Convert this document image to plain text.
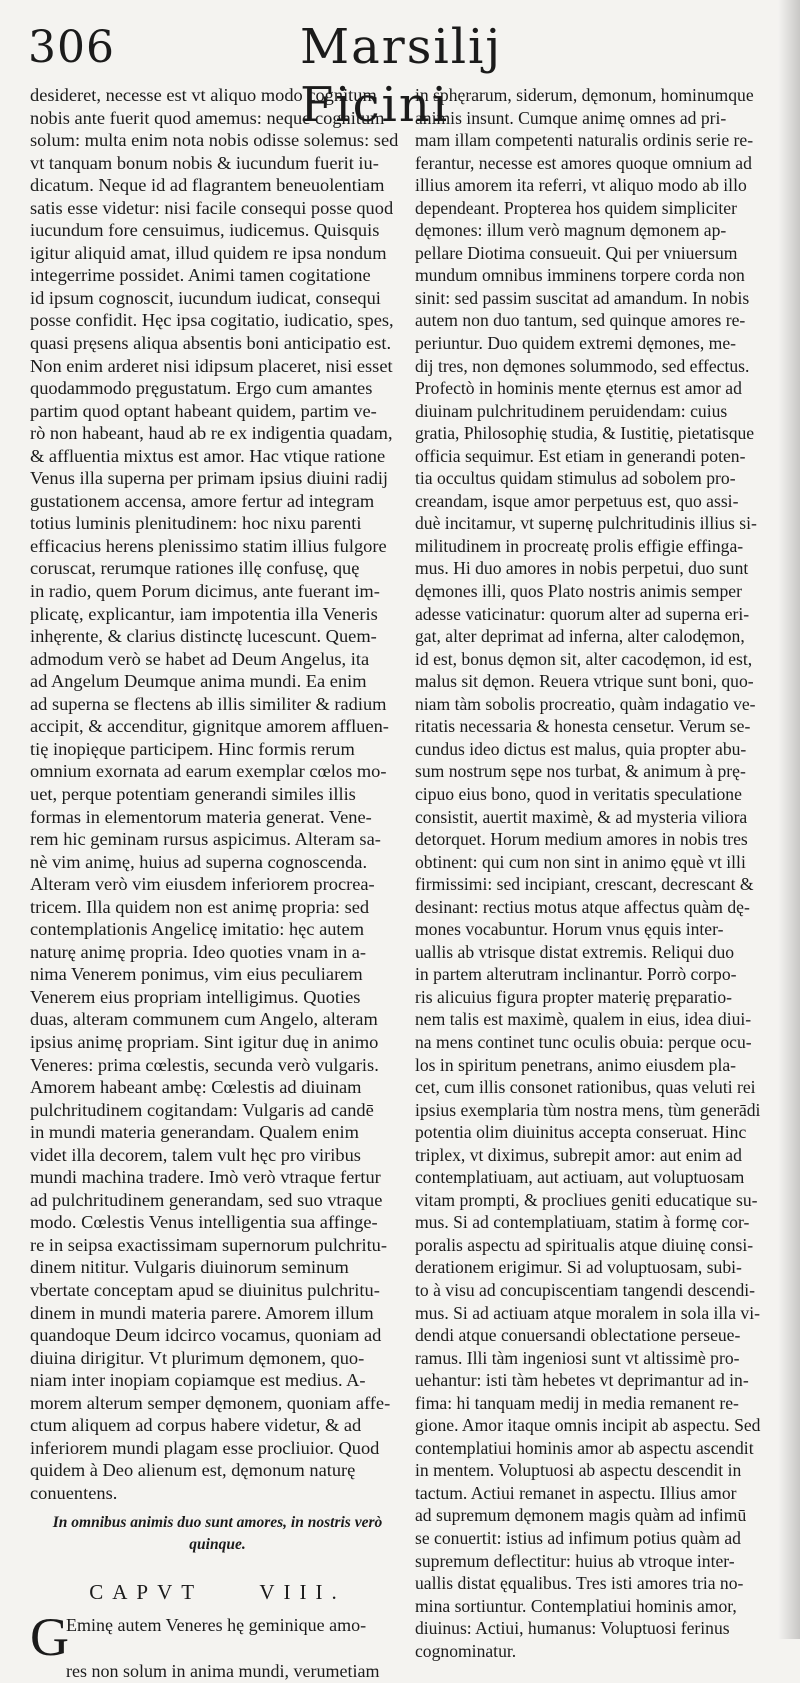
306	Marsilij Ficini
desideret, necesse est vt aliquo modo cognitum
nobis ante fuerit quod amemus: neque cognitum
solum: multa enim nota nobis odisse solemus: sed
vt tanquam bonum nobis & iucundum fuerit iu-
dicatum. Neque id ad flagrantem beneuolentiam
satis esse videtur: nisi facile consequi posse quod
iucundum fore censuimus, iudicemus. Quisquis
igitur aliquid amat, illud quidem re ipsa nondum
integerrime possidet. Animi tamen cogitatione
id ipsum cognoscit, iucundum iudicat, consequi
posse confidit. Hęc ipsa cogitatio, iudicatio, spes,
quasi pręsens aliqua absentis boni anticipatio est.
Non enim arderet nisi idipsum placeret, nisi esset
quodammodo pręgustatum. Ergo cum amantes
partim quod optant habeant quidem, partim ve-
rò non habeant, haud ab re ex indigentia quadam,
& affluentia mixtus est amor. Hac vtique ratione
Venus illa superna per primam ipsius diuini radij
gustationem accensa, amore fertur ad integram
totius luminis plenitudinem: hoc nixu parenti
efficacius herens plenissimo statim illius fulgore
coruscat, rerumque rationes illę confusę, quę
in radio, quem Porum dicimus, ante fuerant im-
plicatę, explicantur, iam impotentia illa Veneris
inhęrente, & clarius distinctę lucescunt. Quem-
admodum verò se habet ad Deum Angelus, ita
ad Angelum Deumque anima mundi. Ea enim
ad superna se flectens ab illis similiter & radium
accipit, & accenditur, gignitque amorem affluen-
tię inopięque participem. Hinc formis rerum
omnium exornata ad earum exemplar cœlos mo-
uet, perque potentiam generandi similes illis
formas in elementorum materia generat. Vene-
rem hic geminam rursus aspicimus. Alteram sa-
nè vim animę, huius ad superna cognoscenda.
Alteram verò vim eiusdem inferiorem procrea-
tricem. Illa quidem non est animę propria: sed
contemplationis Angelicę imitatio: hęc autem
naturę animę propria. Ideo quoties vnam in a-
nima Venerem ponimus, vim eius peculiarem
Venerem eius propriam intelligimus. Quoties
duas, alteram communem cum Angelo, alteram
ipsius animę propriam. Sint igitur duę in animo
Veneres: prima cœlestis, secunda verò vulgaris.
Amorem habeant ambę: Cœlestis ad diuinam
pulchritudinem cogitandam: Vulgaris ad candē
in mundi materia generandam. Qualem enim
videt illa decorem, talem vult hęc pro viribus
mundi machina tradere. Imò verò vtraque fertur
ad pulchritudinem generandam, sed suo vtraque
modo. Cœlestis Venus intelligentia sua affinge-
re in seipsa exactissimam supernorum pulchritu-
dinem nititur. Vulgaris diuinorum seminum
vbertate conceptam apud se diuinitus pulchritu-
dinem in mundi materia parere. Amorem illum
quandoque Deum idcirco vocamus, quoniam ad
diuina dirigitur. Vt plurimum dęmonem, quo-
niam inter inopiam copiamque est medius. A-
morem alterum semper dęmonem, quoniam affe-
ctum aliquem ad corpus habere videtur, & ad
inferiorem mundi plagam esse procliuior. Quod
quidem à Deo alienum est, dęmonum naturę
conuentens.
In omnibus animis duo sunt amores, in nostris verò
quinque.
CAPVT	VIII.
G
Eminę autem Veneres hę geminique amo-
res non solum in anima mundi, verumetiam
in sphęrarum, siderum, dęmonum, hominumque
animis insunt. Cumque animę omnes ad pri-
mam illam competenti naturalis ordinis serie re-
ferantur, necesse est amores quoque omnium ad
illius amorem ita referri, vt aliquo modo ab illo
dependeant. Propterea hos quidem simpliciter
dęmones: illum verò magnum dęmonem ap-
pellare Diotima consueuit. Qui per vniuersum
mundum omnibus imminens torpere corda non
sinit: sed passim suscitat ad amandum. In nobis
autem non duo tantum, sed quinque amores re-
periuntur. Duo quidem extremi dęmones, me-
dij tres, non dęmones solummodo, sed effectus.
Profectò in hominis mente ęternus est amor ad
diuinam pulchritudinem peruidendam: cuius
gratia, Philosophię studia, & Iustitię, pietatisque
officia sequimur. Est etiam in generandi poten-
tia occultus quidam stimulus ad sobolem pro-
creandam, isque amor perpetuus est, quo assi-
duè incitamur, vt supernę pulchritudinis illius si-
militudinem in procreatę prolis effigie effinga-
mus. Hi duo amores in nobis perpetui, duo sunt
dęmones illi, quos Plato nostris animis semper
adesse vaticinatur: quorum alter ad superna eri-
gat, alter deprimat ad inferna, alter calodęmon,
id est, bonus dęmon sit, alter cacodęmon, id est,
malus sit dęmon. Reuera vtrique sunt boni, quo-
niam tàm sobolis procreatio, quàm indagatio ve-
ritatis necessaria & honesta censetur. Verum se-
cundus ideo dictus est malus, quia propter abu-
sum nostrum sępe nos turbat, & animum à prę-
cipuo eius bono, quod in veritatis speculatione
consistit, auertit maximè, & ad mysteria viliora
detorquet. Horum medium amores in nobis tres
obtinent: qui cum non sint in animo ęquè vt illi
firmissimi: sed incipiant, crescant, decrescant &
desinant: rectius motus atque affectus quàm dę-
mones vocabuntur. Horum vnus ęquis inter-
uallis ab vtrisque distat extremis. Reliqui duo
in partem alterutram inclinantur. Porrò corpo-
ris alicuius figura propter materię pręparatio-
nem talis est maximè, qualem in eius, idea diui-
na mens continet tunc oculis obuia: perque ocu-
los in spiritum penetrans, animo eiusdem pla-
cet, cum illis consonet rationibus, quas veluti rei
ipsius exemplaria tùm nostra mens, tùm generādi
potentia olim diuinitus accepta conseruat. Hinc
triplex, vt diximus, subrepit amor: aut enim ad
contemplatiuam, aut actiuam, aut voluptuosam
vitam prompti, & procliues geniti educatique su-
mus. Si ad contemplatiuam, statim à formę cor-
poralis aspectu ad spiritualis atque diuinę consi-
derationem erigimur. Si ad voluptuosam, subi-
to à visu ad concupiscentiam tangendi descendi-
mus. Si ad actiuam atque moralem in sola illa vi-
dendi atque conuersandi oblectatione perseue-
ramus. Illi tàm ingeniosi sunt vt altissimè pro-
uehantur: isti tàm hebetes vt deprimantur ad in-
fima: hi tanquam medij in media remanent re-
gione. Amor itaque omnis incipit ab aspectu. Sed
contemplatiui hominis amor ab aspectu ascendit
in mentem. Voluptuosi ab aspectu descendit in
tactum. Actiui remanet in aspectu. Illius amor
ad supremum dęmonem magis quàm ad infimū
se conuertit: istius ad infimum potius quàm ad
supremum deflectitur: huius ab vtroque inter-
uallis distat ęqualibus. Tres isti amores tria no-
mina sortiuntur. Contemplatiui hominis amor,
diuinus: Actiui, humanus: Voluptuosi ferinus
cognominatur.
